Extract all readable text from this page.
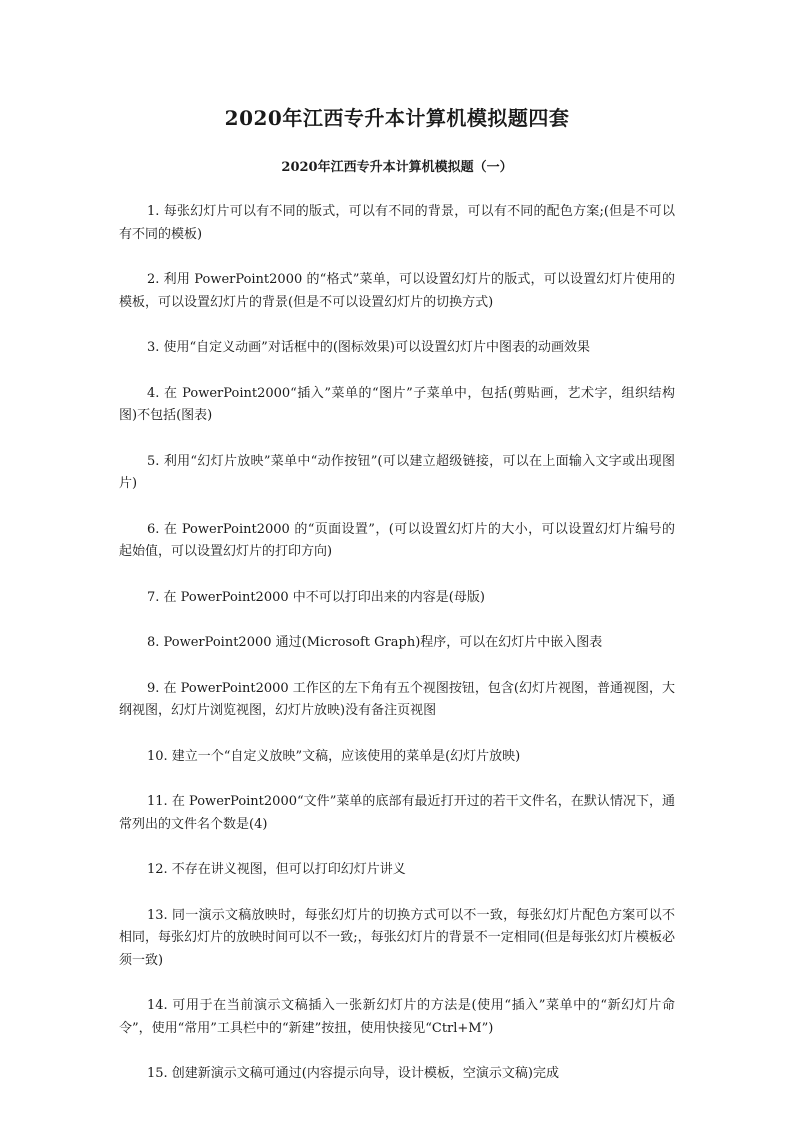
2020年江西专升本计算机模拟题四套
2020年江西专升本计算机模拟题（一）

1. 每张幻灯片可以有不同的版式，可以有不同的背景，可以有不同的配色方案;(但是不可以有不同的模板)

2. 利用 PowerPoint2000 的“格式”菜单，可以设置幻灯片的版式，可以设置幻灯片使用的模板，可以设置幻灯片的背景(但是不可以设置幻灯片的切换方式)

3. 使用“自定义动画”对话框中的(图标效果)可以设置幻灯片中图表的动画效果

4. 在 PowerPoint2000“插入”菜单的“图片”子菜单中，包括(剪贴画，艺术字，组织结构图)不包括(图表)

5. 利用“幻灯片放映”菜单中“动作按钮”(可以建立超级链接，可以在上面输入文字或出现图片)

6. 在 PowerPoint2000 的“页面设置”，(可以设置幻灯片的大小，可以设置幻灯片编号的起始值，可以设置幻灯片的打印方向)

7. 在 PowerPoint2000 中不可以打印出来的内容是(母版)

8. PowerPoint2000 通过(Microsoft Graph)程序，可以在幻灯片中嵌入图表

9. 在 PowerPoint2000 工作区的左下角有五个视图按钮，包含(幻灯片视图，普通视图，大纲视图，幻灯片浏览视图，幻灯片放映)没有备注页视图

10. 建立一个“自定义放映”文稿，应该使用的菜单是(幻灯片放映)

11. 在 PowerPoint2000“文件”菜单的底部有最近打开过的若干文件名，在默认情况下，通常列出的文件名个数是(4)

12. 不存在讲义视图，但可以打印幻灯片讲义

13. 同一演示文稿放映时，每张幻灯片的切换方式可以不一致，每张幻灯片配色方案可以不相同，每张幻灯片的放映时间可以不一致;，每张幻灯片的背景不一定相同(但是每张幻灯片模板必须一致)

14. 可用于在当前演示文稿插入一张新幻灯片的方法是(使用“插入”菜单中的“新幻灯片命令”，使用“常用”工具栏中的“新建”按扭，使用快接见“Ctrl+M”)

15. 创建新演示文稿可通过(内容提示向导，设计模板，空演示文稿)完成
